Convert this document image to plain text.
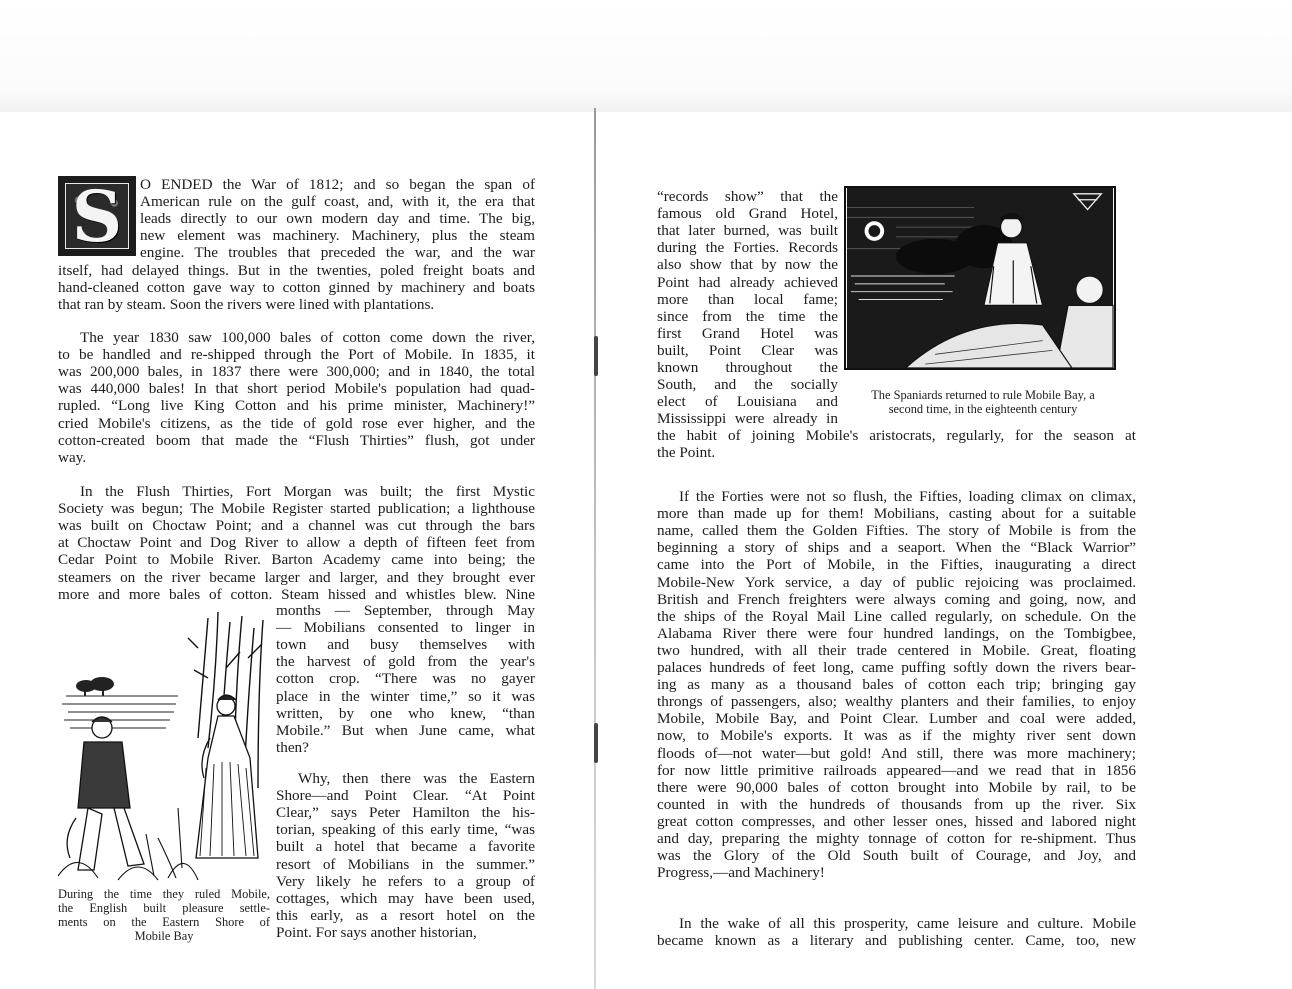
S	O ENDED the War of 1812; and so began the span of

American rule on the gulf coast, and, with it, the era that

leads directly to our own modern day and time. The big,

new element was machinery. Machinery, plus the steam

engine. The troubles that preceded the war, and the war

itself, had delayed things. But in the twenties, poled freight boats and

hand-cleaned cotton gave way to cotton ginned by machinery and boats

that ran by steam. Soon the rivers were lined with plantations.

The year 1830 saw 100,000 bales of cotton come down the river,

to be handled and re-shipped through the Port of Mobile. In 1835, it

was 200,000 bales, in 1837 there were 300,000; and in 1840, the total

was 440,000 bales! In that short period Mobile's population had quad-

rupled. “Long live King Cotton and his prime minister, Machinery!”

cried Mobile's citizens, as the tide of gold rose ever higher, and the

cotton-created boom that made the “Flush Thirties” flush, got under

way.

In the Flush Thirties, Fort Morgan was built; the first Mystic

Society was begun; The Mobile Register started publication; a lighthouse

was built on Choctaw Point; and a channel was cut through the bars

at Choctaw Point and Dog River to allow a depth of fifteen feet from

Cedar Point to Mobile River. Barton Academy came into being; the

steamers on the river became larger and larger, and they brought ever

more and more bales of cotton. Steam hissed and whistles blew. Nine

months — September, through May

— Mobilians consented to linger in

town and busy themselves with

the harvest of gold from the year's

cotton crop. “There was no gayer

place in the winter time,” so it was

written, by one who knew, “than

Mobile.” But when June came, what

then?

Why, then there was the Eastern

Shore—and Point Clear. “At Point

Clear,” says Peter Hamilton the his-

torian, speaking of this early time, “was

built a hotel that became a favorite

resort of Mobilians in the summer.”

Very likely he refers to a group of

cottages, which may have been used,

this early, as a resort hotel on the

Point. For says another historian,

During the time they ruled Mobile,

the English built pleasure settle-

ments on the Eastern Shore of

Mobile Bay

“records show” that the

famous old Grand Hotel,

that later burned, was built

during the Forties. Records

also show that by now the

Point had already achieved

more than local fame;

since from the time the

first Grand Hotel was

built, Point Clear was

known throughout the

South, and the socially

elect of Louisiana and

Mississippi were already in

the habit of joining Mobile's aristocrats, regularly, for the season at

the Point.

The Spaniards returned to rule Mobile Bay, a

second time, in the eighteenth century

If the Forties were not so flush, the Fifties, loading climax on climax,

more than made up for them! Mobilians, casting about for a suitable

name, called them the Golden Fifties. The story of Mobile is from the

beginning a story of ships and a seaport. When the “Black Warrior”

came into the Port of Mobile, in the Fifties, inaugurating a direct

Mobile-New York service, a day of public rejoicing was proclaimed.

British and French freighters were always coming and going, now, and

the ships of the Royal Mail Line called regularly, on schedule. On the

Alabama River there were four hundred landings, on the Tombigbee,

two hundred, with all their trade centered in Mobile. Great, floating

palaces hundreds of feet long, came puffing softly down the rivers bear-

ing as many as a thousand bales of cotton each trip; bringing gay

throngs of passengers, also; wealthy planters and their families, to enjoy

Mobile, Mobile Bay, and Point Clear. Lumber and coal were added,

now, to Mobile's exports. It was as if the mighty river sent down

floods of—not water—but gold! And still, there was more machinery;

for now little primitive railroads appeared—and we read that in 1856

there were 90,000 bales of cotton brought into Mobile by rail, to be

counted in with the hundreds of thousands from up the river. Six

great cotton compresses, and other lesser ones, hissed and labored night

and day, preparing the mighty tonnage of cotton for re-shipment. Thus

was the Glory of the Old South built of Courage, and Joy, and

Progress,—and Machinery!

In the wake of all this prosperity, came leisure and culture. Mobile

became known as a literary and publishing center. Came, too, new
